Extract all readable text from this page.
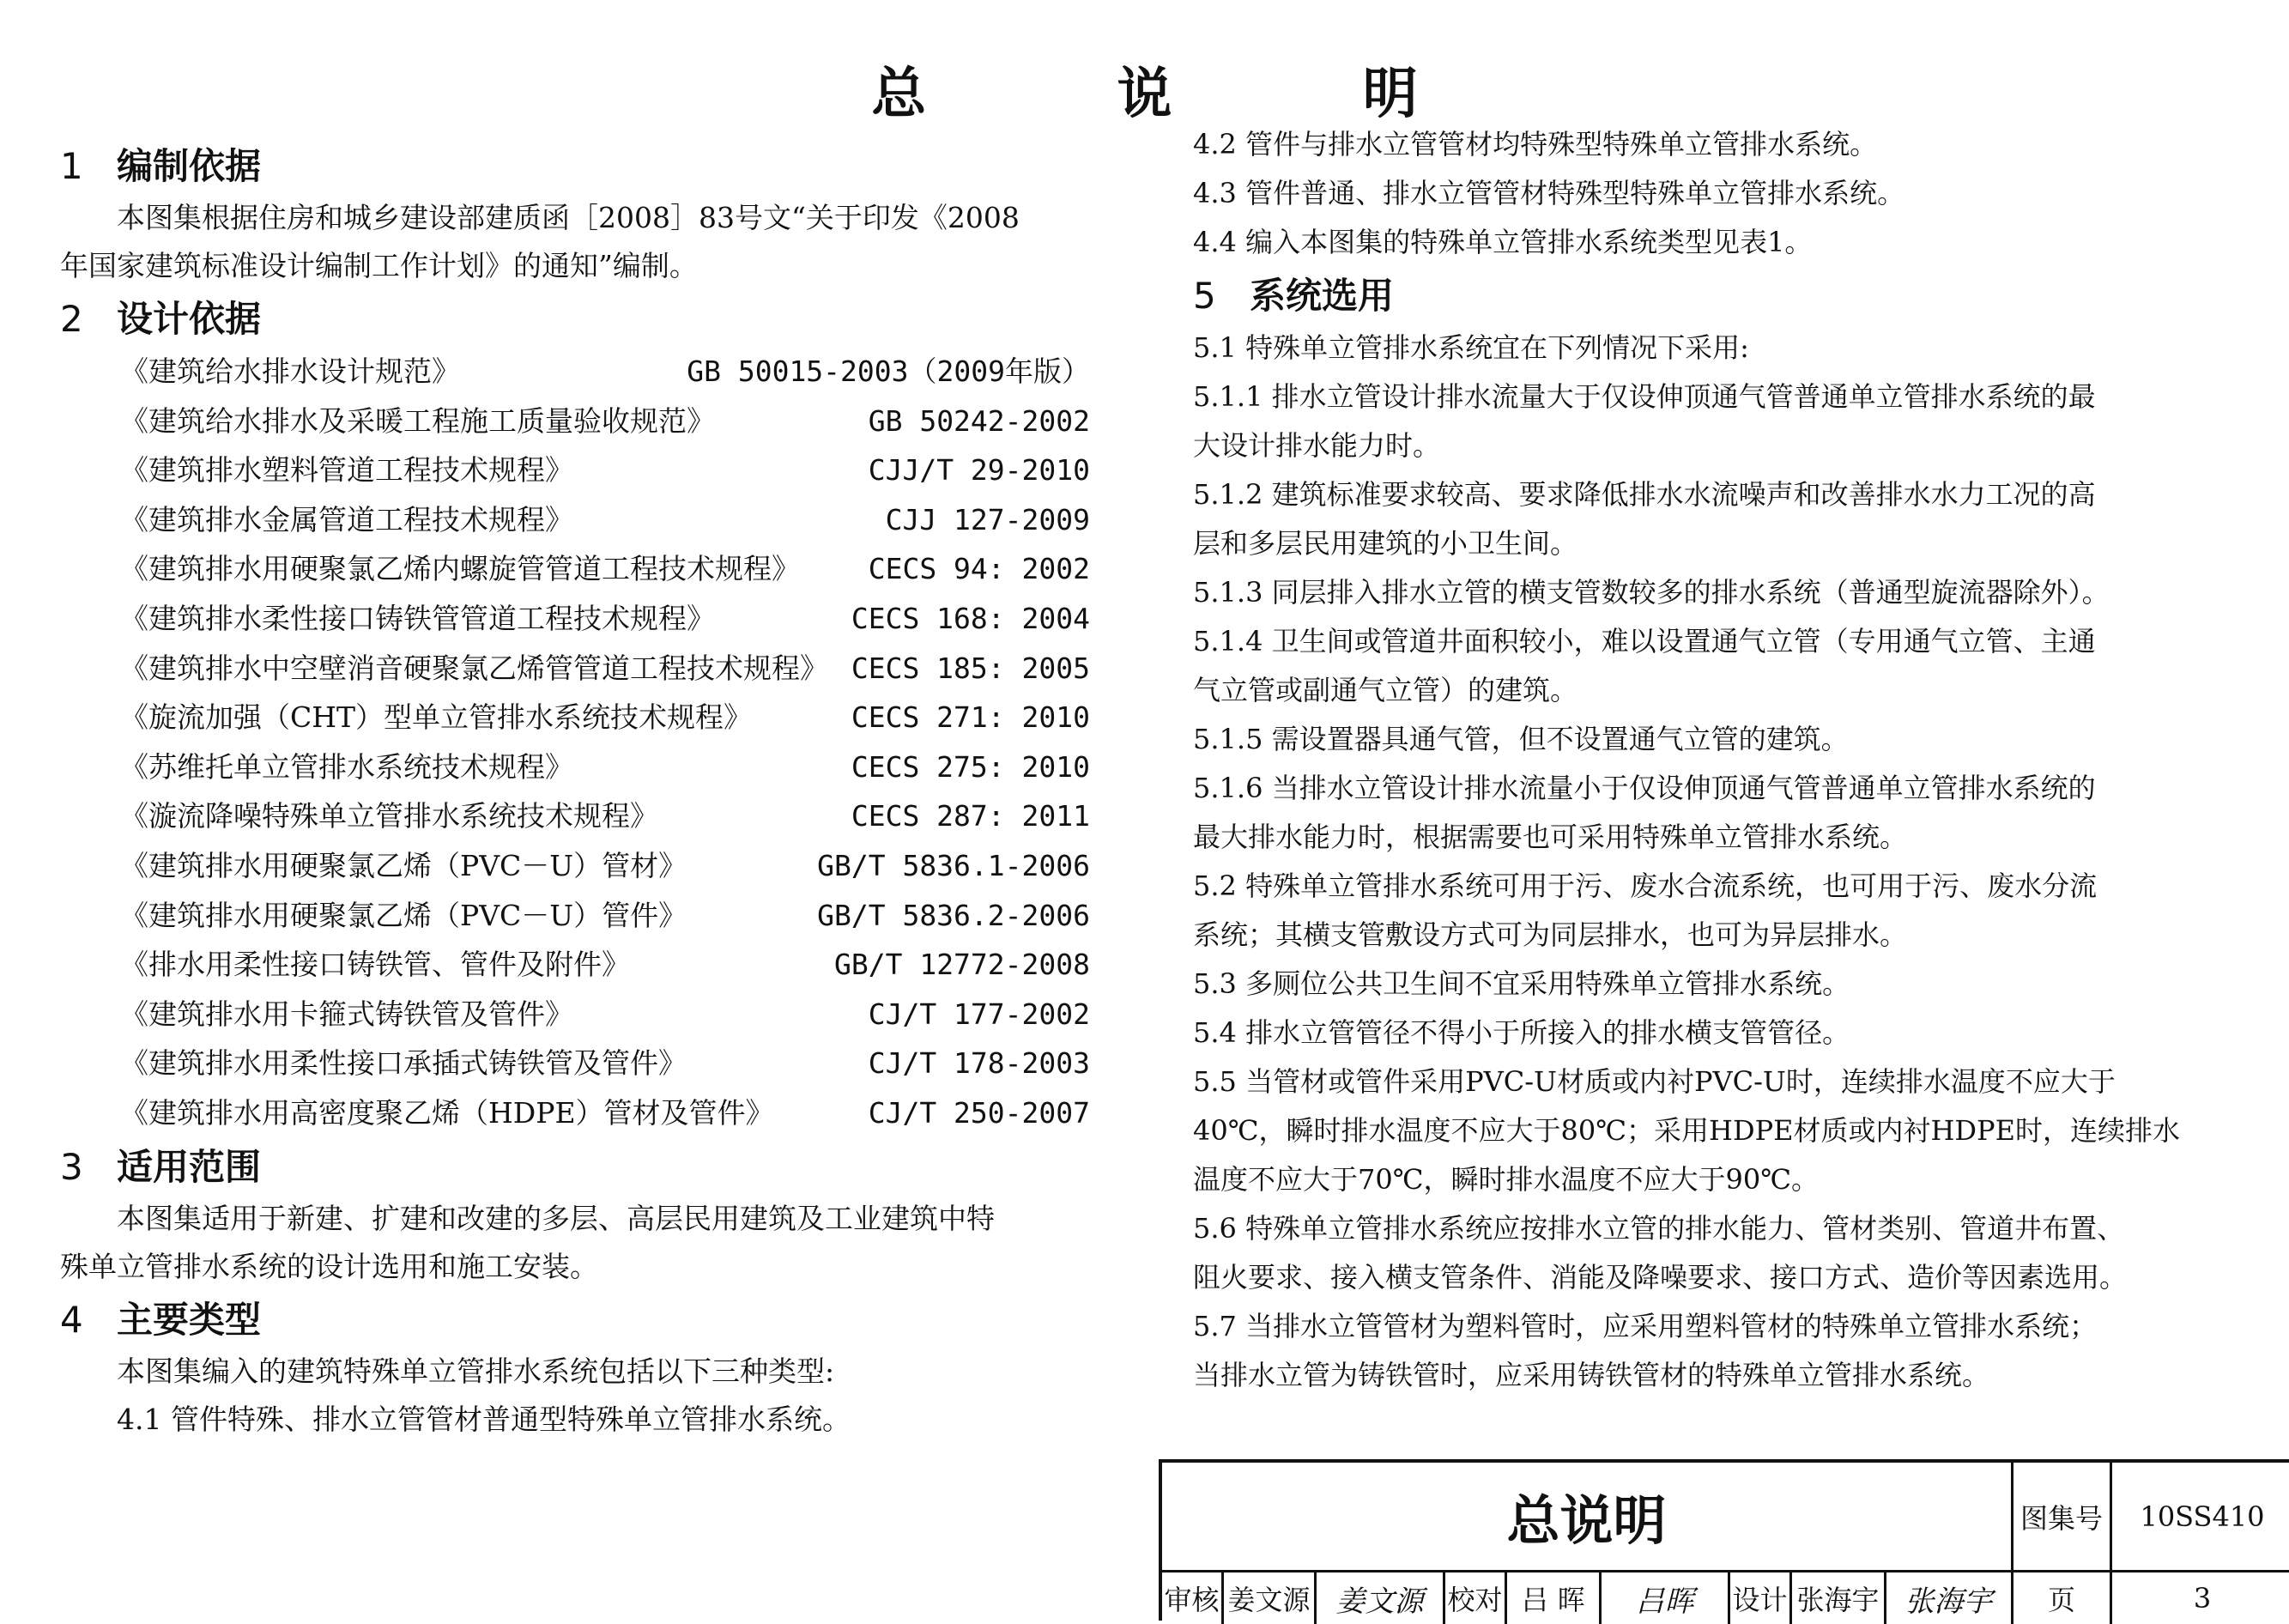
总 说 明
1 编制依据

本图集根据住房和城乡建设部建质函［2008］83号文“关于印发《2008

年国家建筑标准设计编制工作计划》的通知”编制。

2 设计依据
《建筑给水排水设计规范》	GB 50015-2003（2009年版）
《建筑给水排水及采暖工程施工质量验收规范》	GB 50242-2002
《建筑排水塑料管道工程技术规程》	CJJ/T 29-2010
《建筑排水金属管道工程技术规程》	CJJ 127-2009
《建筑排水用硬聚氯乙烯内螺旋管管道工程技术规程》 CECS 94: 2002
《建筑排水柔性接口铸铁管管道工程技术规程》	CECS 168: 2004
《建筑排水中空壁消音硬聚氯乙烯管管道工程技术规程》 CECS 185: 2005
《旋流加强（CHT）型单立管排水系统技术规程》	CECS 271: 2010
《苏维托单立管排水系统技术规程》	CECS 275: 2010
《漩流降噪特殊单立管排水系统技术规程》	CECS 287: 2011
《建筑排水用硬聚氯乙烯（PVC－U）管材》	GB/T 5836.1-2006
《建筑排水用硬聚氯乙烯（PVC－U）管件》	GB/T 5836.2-2006
《排水用柔性接口铸铁管、管件及附件》	GB/T 12772-2008
《建筑排水用卡箍式铸铁管及管件》	CJ/T 177-2002
《建筑排水用柔性接口承插式铸铁管及管件》	CJ/T 178-2003
《建筑排水用高密度聚乙烯（HDPE）管材及管件》	CJ/T 250-2007
3 适用范围

本图集适用于新建、扩建和改建的多层、高层民用建筑及工业建筑中特

殊单立管排水系统的设计选用和施工安装。

4 主要类型

本图集编入的建筑特殊单立管排水系统包括以下三种类型:

4.1 管件特殊、排水立管管材普通型特殊单立管排水系统。

4.2 管件与排水立管管材均特殊型特殊单立管排水系统。

4.3 管件普通、排水立管管材特殊型特殊单立管排水系统。

4.4 编入本图集的特殊单立管排水系统类型见表1。

5 系统选用

5.1 特殊单立管排水系统宜在下列情况下采用:

5.1.1 排水立管设计排水流量大于仅设伸顶通气管普通单立管排水系统的最

大设计排水能力时。

5.1.2 建筑标准要求较高、要求降低排水水流噪声和改善排水水力工况的高

层和多层民用建筑的小卫生间。

5.1.3 同层排入排水立管的横支管数较多的排水系统（普通型旋流器除外）。

5.1.4 卫生间或管道井面积较小，难以设置通气立管（专用通气立管、主通

气立管或副通气立管）的建筑。

5.1.5 需设置器具通气管，但不设置通气立管的建筑。

5.1.6 当排水立管设计排水流量小于仅设伸顶通气管普通单立管排水系统的

最大排水能力时，根据需要也可采用特殊单立管排水系统。

5.2 特殊单立管排水系统可用于污、废水合流系统，也可用于污、废水分流

系统；其横支管敷设方式可为同层排水，也可为异层排水。

5.3 多厕位公共卫生间不宜采用特殊单立管排水系统。

5.4 排水立管管径不得小于所接入的排水横支管管径。

5.5 当管材或管件采用PVC-U材质或内衬PVC-U时，连续排水温度不应大于

40℃，瞬时排水温度不应大于80℃；采用HDPE材质或内衬HDPE时，连续排水

温度不应大于70℃，瞬时排水温度不应大于90℃。

5.6 特殊单立管排水系统应按排水立管的排水能力、管材类别、管道井布置、

阻火要求、接入横支管条件、消能及降噪要求、接口方式、造价等因素选用。

5.7 当排水立管管材为塑料管时，应采用塑料管材的特殊单立管排水系统；

当排水立管为铸铁管时，应采用铸铁管材的特殊单立管排水系统。

总说明	图集号	10SS410
审核 姜文源 姜文源 校对 吕 晖	吕晖	设计 张海宇 张海宇	页	3
